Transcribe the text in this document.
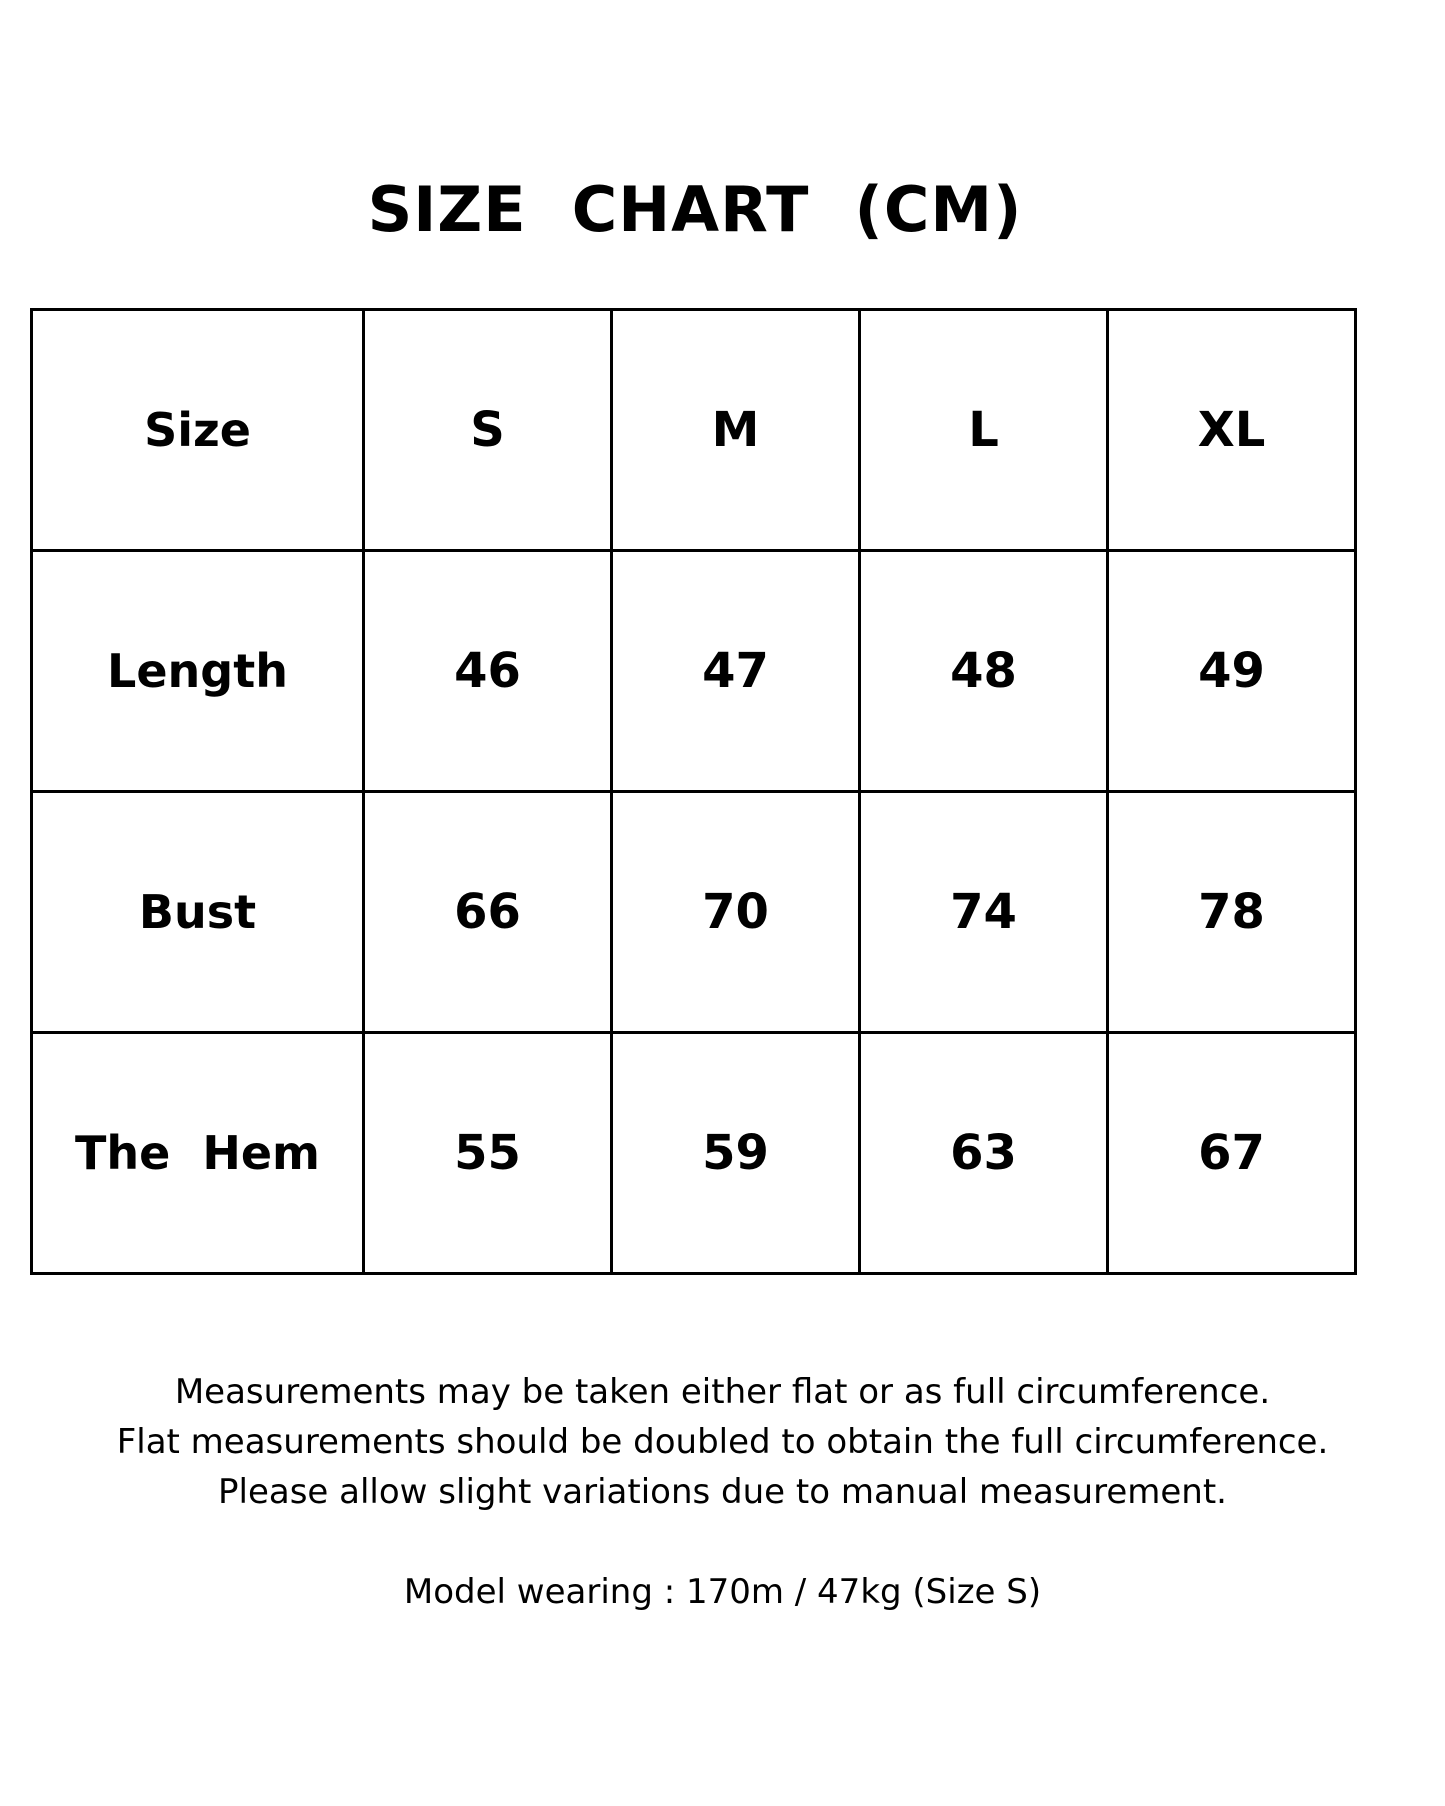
SIZE  CHART  (CM)
Size	S	M	L	XL
Length	46	47	48	49
Bust	66	70	74	78
The  Hem	55	59	63	67
Measurements may be taken either flat or as full circumference.
Flat measurements should be doubled to obtain the full circumference.
Please allow slight variations due to manual measurement.
Model wearing : 170m / 47kg (Size S)
